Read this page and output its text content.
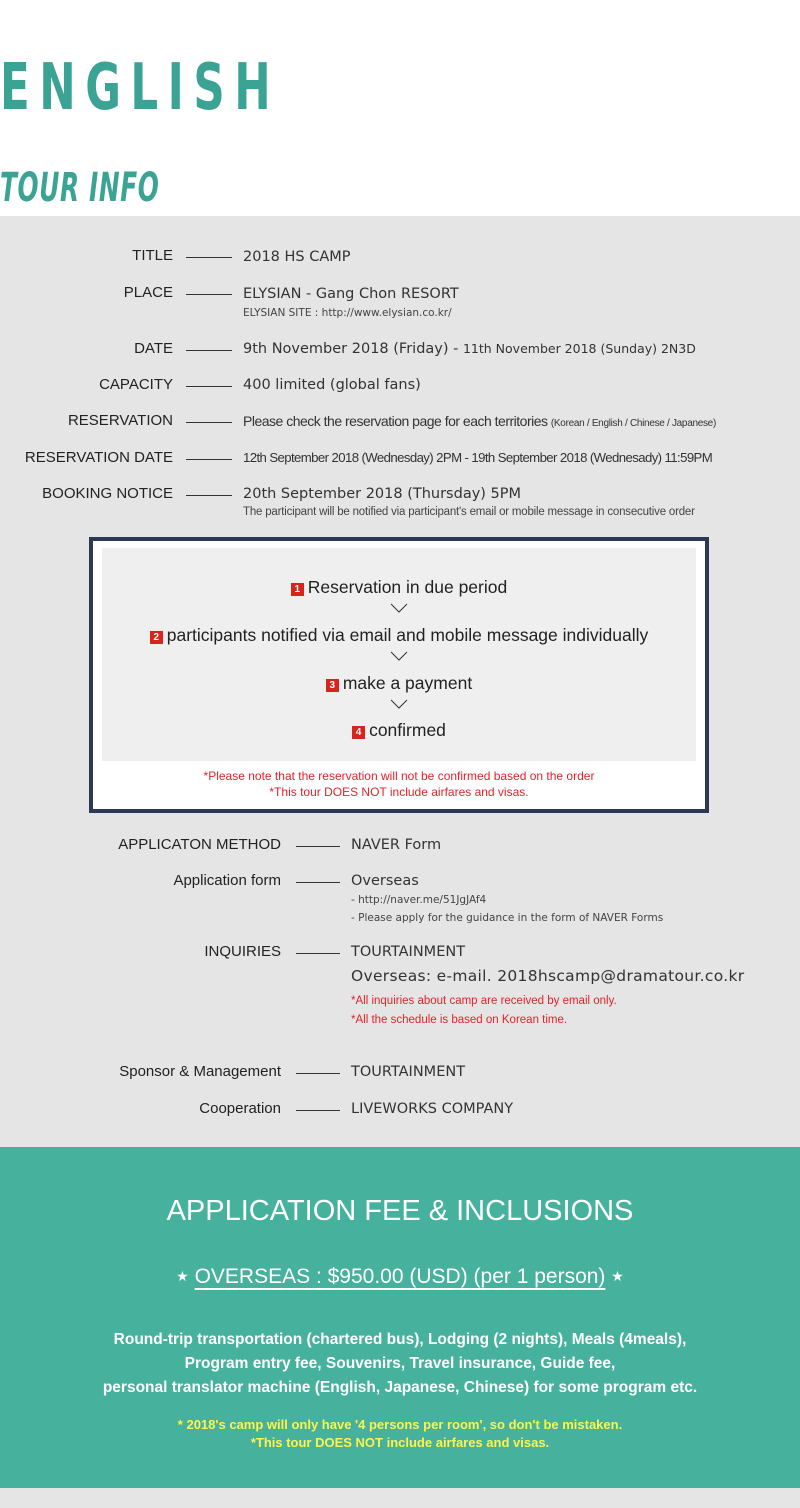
ENGLISH
TOUR INFO
TITLE	2018 HS CAMP
PLACE	ELYSIAN - Gang Chon RESORT
ELYSIAN SITE : http://www.elysian.co.kr/
DATE	9th November 2018 (Friday) - 11th November 2018 (Sunday) 2N3D
CAPACITY	400 limited (global fans)
RESERVATION	Please check the reservation page for each territories (Korean / English / Chinese / Japanese)
RESERVATION DATE	12th September 2018 (Wednesday) 2PM - 19th September 2018 (Wednesady) 11:59PM
BOOKING NOTICE	20th September 2018 (Thursday) 5PM
The participant will be notified via participant's email or mobile message in consecutive order
1 Reservation in due period
2 participants notified via email and mobile message individually
3 make a payment
4 confirmed
*Please note that the reservation will not be confirmed based on the order
*This tour DOES NOT include airfares and visas.
APPLICATON METHOD	NAVER Form
Application form	Overseas
- http://naver.me/51JgJAf4
- Please apply for the guidance in the form of NAVER Forms
INQUIRIES	TOURTAINMENT
Overseas: e-mail. 2018hscamp@dramatour.co.kr
*All inquiries about camp are received by email only.
*All the schedule is based on Korean time.
Sponsor & Management	TOURTAINMENT
Cooperation	LIVEWORKS COMPANY
APPLICATION FEE & INCLUSIONS
★ OVERSEAS : $950.00 (USD) (per 1 person) ★
Round-trip transportation (chartered bus), Lodging (2 nights), Meals (4meals),
Program entry fee, Souvenirs, Travel insurance, Guide fee,
personal translator machine (English, Japanese, Chinese) for some program etc.
* 2018's camp will only have '4 persons per room', so don't be mistaken.
*This tour DOES NOT include airfares and visas.
